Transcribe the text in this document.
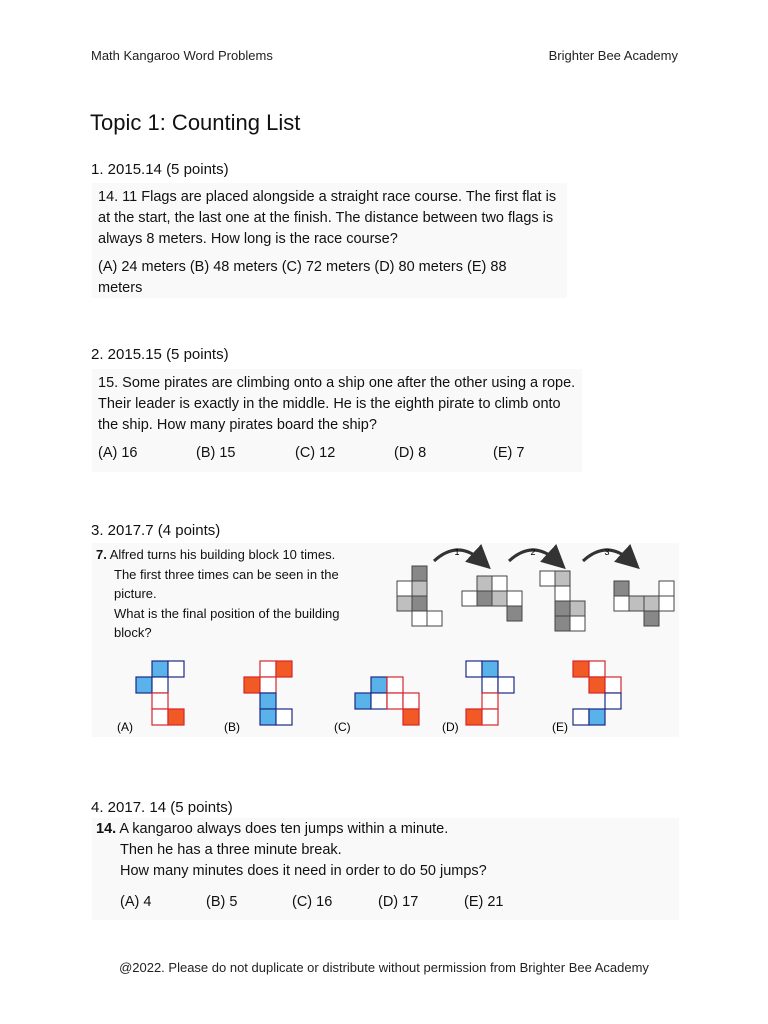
Math Kangaroo Word Problems	Brighter Bee Academy
Topic 1: Counting List
1. 2015.14 (5 points)
14. 11 Flags are placed alongside a straight race course. The first flat is at the start, the last one at the finish. The distance between two flags is always 8 meters. How long is the race course?
(A) 24 meters (B) 48 meters (C) 72 meters (D) 80 meters (E) 88
meters
2. 2015.15 (5 points)
15. Some pirates are climbing onto a ship one after the other using a rope. Their leader is exactly in the middle. He is the eighth pirate to climb onto the ship. How many pirates board the ship?
(A) 16	(B) 15	(C) 12	(D) 8	(E) 7
3. 2017.7 (4 points)
7. Alfred turns his building block 10 times.
The first three times can be seen in the
picture.
What is the final position of the building
block?
1	2	3
(A)	(B)	(C)	(D)	(E)
4. 2017. 14 (5 points)
14. A kangaroo always does ten jumps within a minute.
Then he has a three minute break.
How many minutes does it need in order to do 50 jumps?
(A) 4	(B) 5	(C) 16	(D) 17	(E) 21
@2022. Please do not duplicate or distribute without permission from Brighter Bee Academy
